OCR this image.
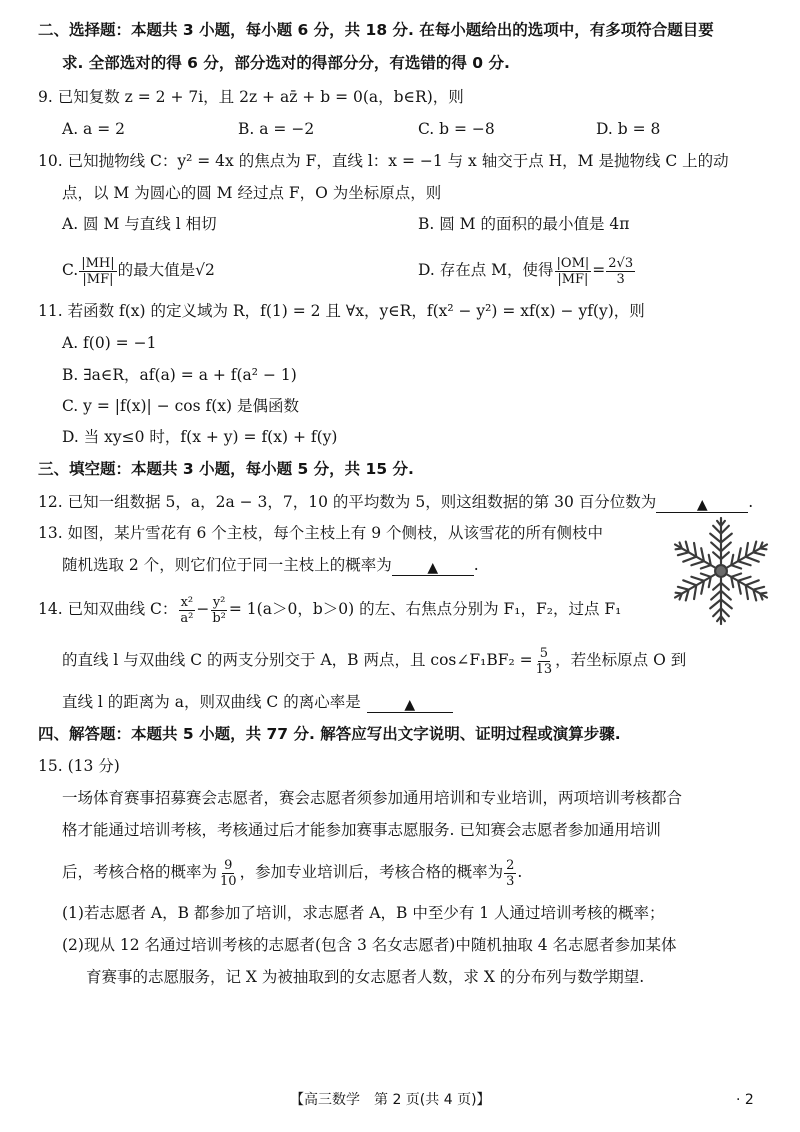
二、选择题：本题共 3 小题，每小题 6 分，共 18 分. 在每小题给出的选项中，有多项符合题目要
求. 全部选对的得 6 分，部分选对的得部分分，有选错的得 0 分.
9. 已知复数 z = 2 + 7i，且 2z + az̄ + b = 0(a，b∈R)，则
A. a = 2	B. a = −2	C. b = −8	D. b = 8
10. 已知抛物线 C：y² = 4x 的焦点为 F，直线 l：x = −1 与 x 轴交于点 H，M 是抛物线 C 上的动
点，以 M 为圆心的圆 M 经过点 F，O 为坐标原点，则
A. 圆 M 与直线 l 相切	B. 圆 M 的面积的最小值是 4π
C. $\frac{|MH|}{|MF|}$ 的最大值是√2	D. 存在点 M，使得 $\frac{|OM|}{|MF|} = \frac{2√3}{3}$
11. 若函数 f(x) 的定义域为 R，f(1) = 2 且 ∀x，y∈R，f(x² − y²) = xf(x) − yf(y)，则
A. f(0) = −1
B. ∃a∈R，af(a) = a + f(a² − 1)
C. y = |f(x)| − cos f(x) 是偶函数
D. 当 xy≤0 时，f(x + y) = f(x) + f(y)
三、填空题：本题共 3 小题，每小题 5 分，共 15 分.
12. 已知一组数据 5，a，2a − 3，7，10 的平均数为 5，则这组数据的第 30 百分位数为	▲	.
13. 如图，某片雪花有 6 个主枝，每个主枝上有 9 个侧枝，从该雪花的所有侧枝中
随机选取 2 个，则它们位于同一主枝上的概率为	▲ .
14. 已知双曲线 C： $\frac{\text{x²}}{\text{a²}} - \frac{\text{y²}}{\text{b²}} = 1(a>0$，b＞0) 的左、右焦点分别为 F₁，F₂，过点 F₁
的直线 l 与双曲线 C 的两支分别交于 A，B 两点，且 cos∠F₁BF₂ = $\frac{5}{13}$ ，若坐标原点 O 到
直线 l 的距离为 a，则双曲线 C 的离心率是	▲
四、解答题：本题共 5 小题，共 77 分. 解答应写出文字说明、证明过程或演算步骤.
15. (13 分)
一场体育赛事招募赛会志愿者，赛会志愿者须参加通用培训和专业培训，两项培训考核都合
格才能通过培训考核，考核通过后才能参加赛事志愿服务. 已知赛会志愿者参加通用培训
后，考核合格的概率为 $\frac{9}{10}$ ，参加专业培训后，考核合格的概率为 $\frac{2}{3}$ .
(1)若志愿者 A，B 都参加了培训，求志愿者 A，B 中至少有 1 人通过培训考核的概率；
(2)现从 12 名通过培训考核的志愿者(包含 3 名女志愿者)中随机抽取 4 名志愿者参加某体
育赛事的志愿服务，记 X 为被抽取到的女志愿者人数，求 X 的分布列与数学期望.
【高三数学　第 2 页(共 4 页)】	· 2
